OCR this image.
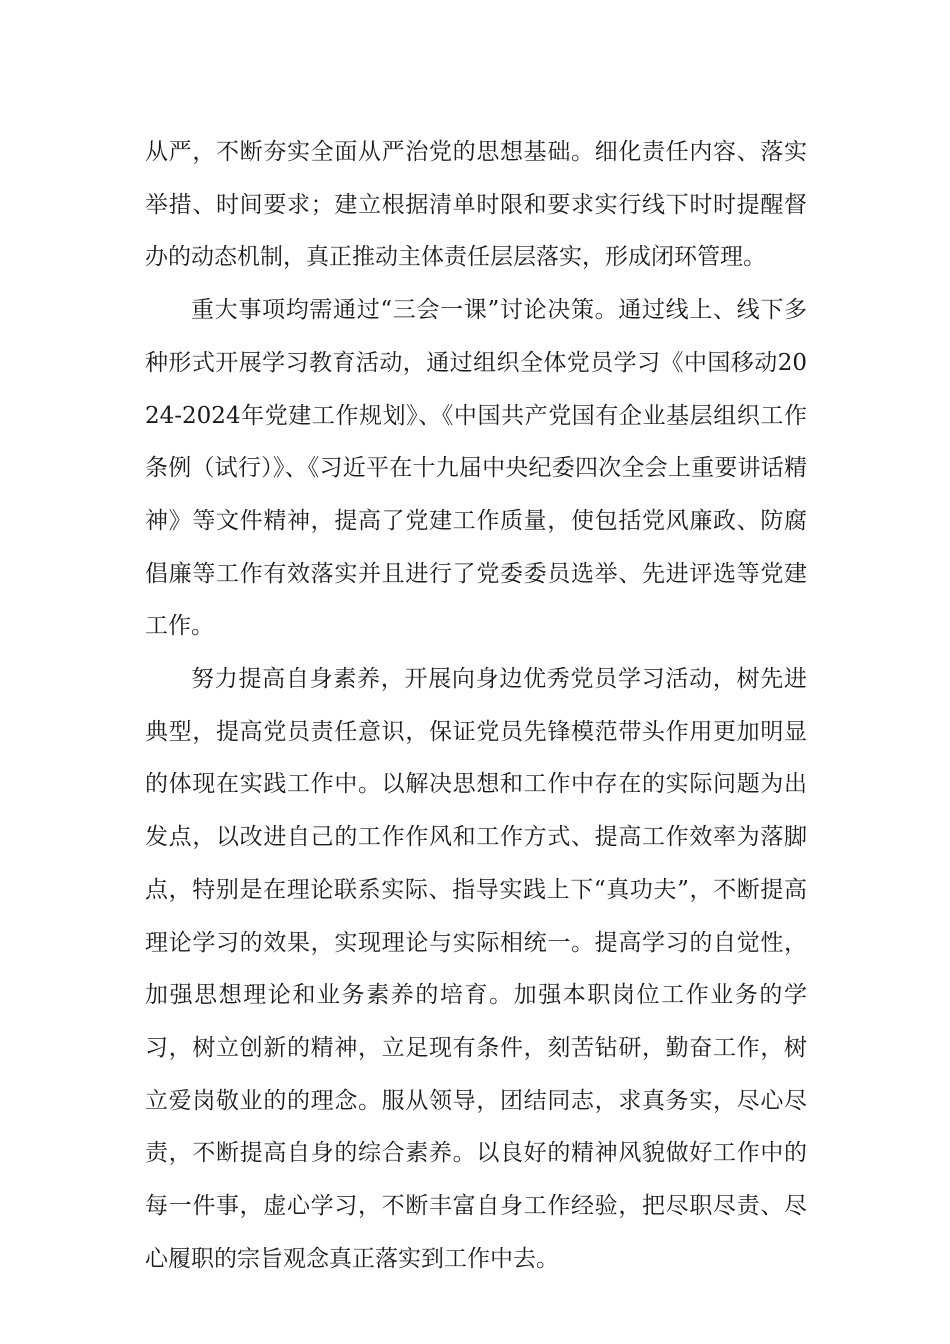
从严，不断夯实全面从严治党的思想基础。细化责任内容、落实举措、时间要求；建立根据清单时限和要求实行线下时时提醒督办的动态机制，真正推动主体责任层层落实，形成闭环管理。

重大事项均需通过“三会一课”讨论决策。通过线上、线下多种形式开展学习教育活动，通过组织全体党员学习《中国移动2024-2024年党建工作规划》、《中国共产党国有企业基层组织工作条例（试行）》、《习近平在十九届中央纪委四次全会上重要讲话精神》等文件精神，提高了党建工作质量，使包括党风廉政、防腐倡廉等工作有效落实并且进行了党委委员选举、先进评选等党建工作。

努力提高自身素养，开展向身边优秀党员学习活动，树先进典型，提高党员责任意识，保证党员先锋模范带头作用更加明显的体现在实践工作中。以解决思想和工作中存在的实际问题为出发点，以改进自己的工作作风和工作方式、提高工作效率为落脚点，特别是在理论联系实际、指导实践上下“真功夫”，不断提高理论学习的效果，实现理论与实际相统一。提高学习的自觉性，加强思想理论和业务素养的培育。加强本职岗位工作业务的学习，树立创新的精神，立足现有条件，刻苦钻研，勤奋工作，树立爱岗敬业的的理念。服从领导，团结同志，求真务实，尽心尽责，不断提高自身的综合素养。以良好的精神风貌做好工作中的每一件事，虚心学习，不断丰富自身工作经验，把尽职尽责、尽心履职的宗旨观念真正落实到工作中去。
